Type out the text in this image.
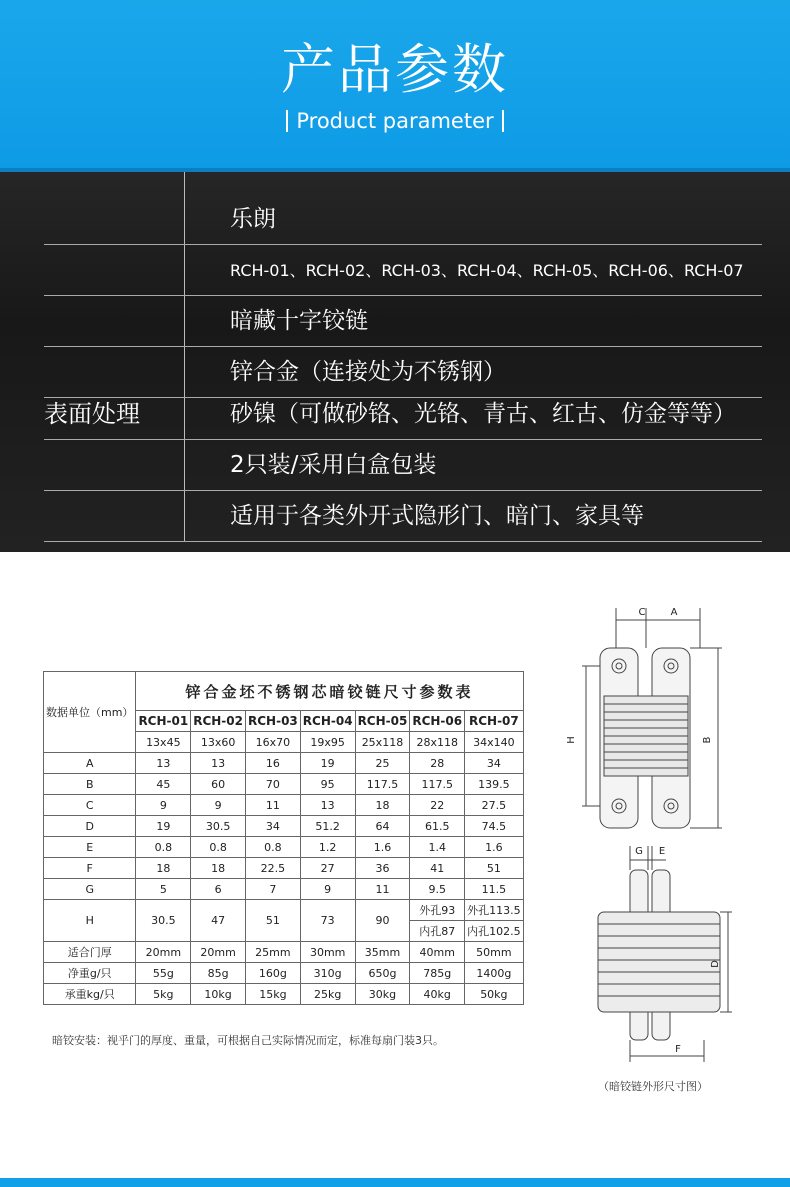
产品参数
Product parameter
乐朗
RCH-01、RCH-02、RCH-03、RCH-04、RCH-05、RCH-06、RCH-07
暗藏十字铰链
锌合金（连接处为不锈钢）
表面处理	砂镍（可做砂铬、光铬、青古、红古、仿金等等）
2只装/采用白盒包装
适用于各类外开式隐形门、暗门、家具等
数据单位（mm）	锌合金坯不锈钢芯暗铰链尺寸参数表						
	RCH-01	RCH-02	RCH-03	RCH-04	RCH-05	RCH-06	RCH-07
	13x45	13x60	16x70	19x95	25x118	28x118	34x140
A	13	13	16	19	25	28	34
B	45	60	70	95	117.5	117.5	139.5
C	9	9	11	13	18	22	27.5
D	19	30.5	34	51.2	64	61.5	74.5
E	0.8	0.8	0.8	1.2	1.6	1.4	1.6
F	18	18	22.5	27	36	41	51
G	5	6	7	9	11	9.5	11.5
H	30.5	47	51	73	90	外孔93	外孔113.5
						内孔87	内孔102.5
适合门厚	20mm	20mm	25mm	30mm	35mm	40mm	50mm
净重g/只	55g	85g	160g	310g	650g	785g	1400g
承重kg/只	5kg	10kg	15kg	25kg	30kg	40kg	50kg
暗铰安装：视乎门的厚度、重量，可根据自己实际情况而定，标准每扇门装3只。
C	A
H	B
G E
D
F
（暗铰链外形尺寸图）
